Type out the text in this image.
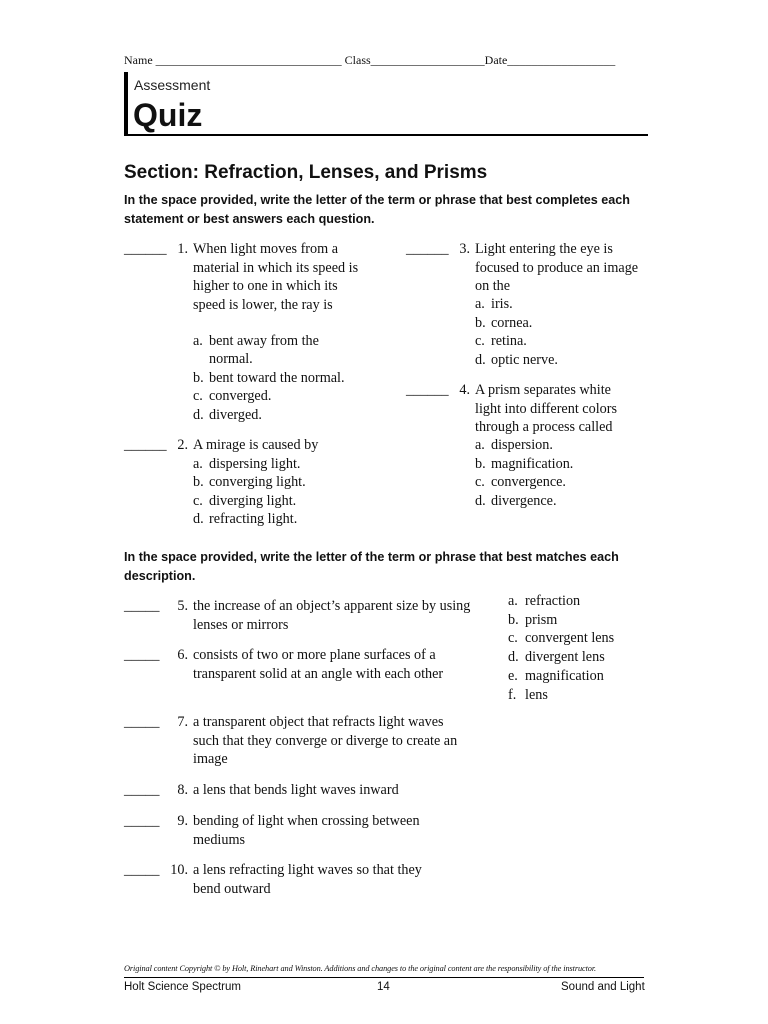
Name _______________________________ Class___________________Date__________________
Assessment
Quiz
Section: Refraction, Lenses, and Prisms
In the space provided, write the letter of the term or phrase that best completes each statement or best answers each question.
______ 1. When light moves from a material in which its speed is higher to one in which its speed is lower, the ray is
a. bent away from the
normal.
b. bent toward the normal.
c. converged.
d. diverged.
______ 2. A mirage is caused by
a. dispersing light.
b. converging light.
c. diverging light.
d. refracting light.
______ 3. Light entering the eye is focused to produce an image on the
a. iris.
b. cornea.
c. retina.
d. optic nerve.
______ 4. A prism separates white light into different colors through a process called
a. dispersion.
b. magnification.
c. convergence.
d. divergence.
In the space provided, write the letter of the term or phrase that best matches each description.
_____	5. the increase of an object’s apparent size by using lenses or mirrors
_____	6. consists of two or more plane surfaces of a transparent solid at an angle with each other
_____	7. a transparent object that refracts light waves such that they converge or diverge to create an image
_____	8. a lens that bends light waves inward
_____	9. bending of light when crossing between mediums
_____ 10. a lens refracting light waves so that they bend outward
a. refraction
b. prism
c. convergent lens
d. divergent lens
e. magnification
f. lens
Original content Copyright © by Holt, Rinehart and Winston. Additions and changes to the original content are the responsibility of the instructor.
Holt Science Spectrum	14	Sound and Light
